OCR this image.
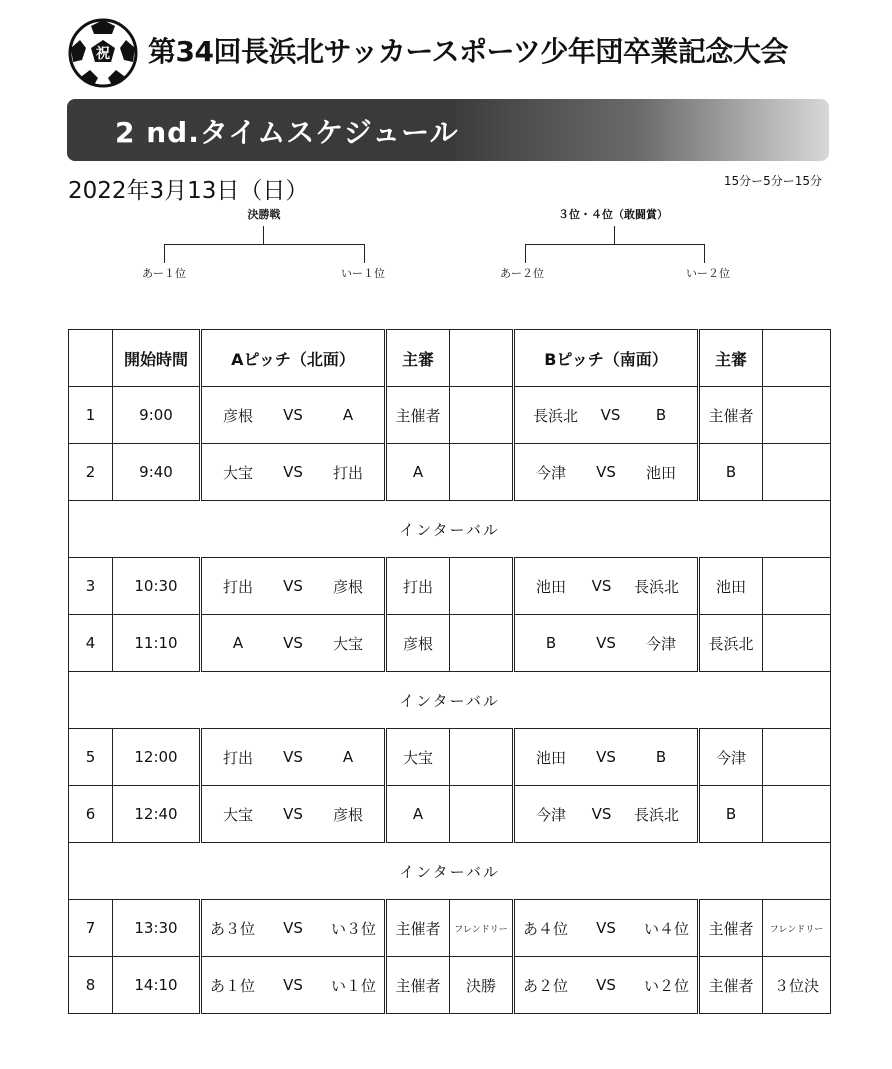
祝 第34回長浜北サッカースポーツ少年団卒業記念大会
2 nd.タイムスケジュール
2022年3月13日（日）	15分ー5分ー15分
決勝戦
あー１位	いー１位
３位・４位（敢闘賞）
あー２位	いー２位
	開始時間	Aピッチ（北面）	主審		Bピッチ（南面）	主審	
1	9:00	彦根 VS A	主催者		長浜北 VS B	主催者	
2	9:40	大宝 VS 打出	A		今津 VS 池田	B	
インターバル							
3	10:30	打出 VS 彦根	打出		池田 VS 長浜北	池田	
4	11:10	A VS 大宝	彦根		B VS 今津	長浜北	
インターバル							
5	12:00	打出 VS A	大宝		池田 VS B	今津	
6	12:40	大宝 VS 彦根	A		今津 VS 長浜北	B	
インターバル							
7	13:30	あ３位 VS い３位	主催者	フレンドリー	あ４位 VS い４位	主催者	フレンドリー
8	14:10	あ１位 VS い１位	主催者	決勝	あ２位 VS い２位	主催者	３位決
